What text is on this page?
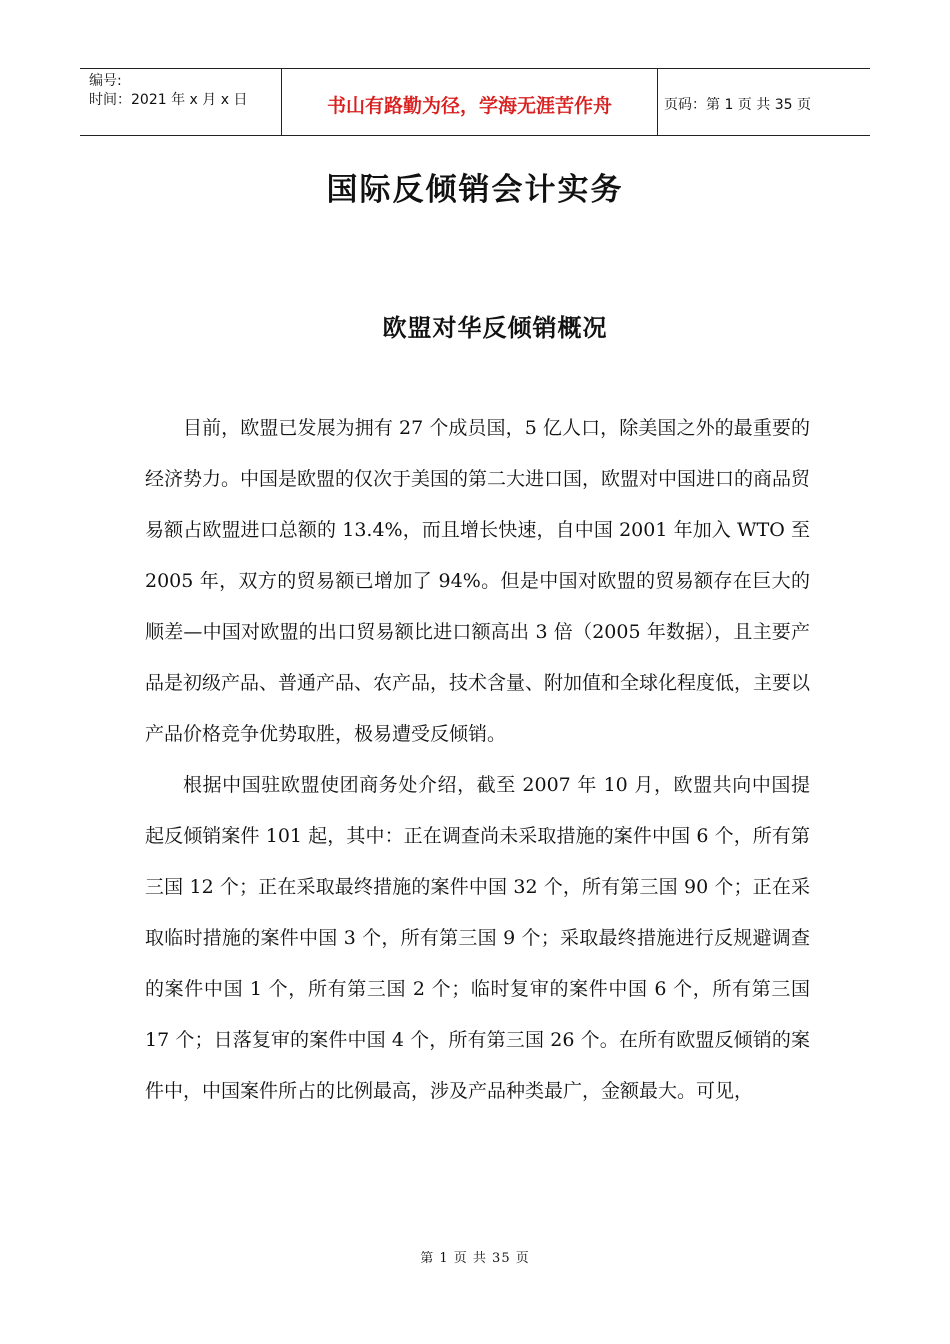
编号:
时间：2021 年 x 月 x 日	书山有路勤为径，学海无涯苦作舟	页码：第 1 页 共 35 页
国际反倾销会计实务
欧盟对华反倾销概况

目前，欧盟已发展为拥有 27 个成员国，5 亿人口，除美国之外的最重要的经济势力。中国是欧盟的仅次于美国的第二大进口国，欧盟对中国进口的商品贸易额占欧盟进口总额的 13.4%，而且增长快速，自中国 2001 年加入 WTO 至 2005 年，双方的贸易额已增加了 94%。但是中国对欧盟的贸易额存在巨大的顺差—中国对欧盟的出口贸易额比进口额高出 3 倍（2005 年数据），且主要产品是初级产品、普通产品、农产品，技术含量、附加值和全球化程度低，主要以产品价格竞争优势取胜，极易遭受反倾销。

根据中国驻欧盟使团商务处介绍，截至 2007 年 10 月，欧盟共向中国提起反倾销案件 101 起，其中：正在调查尚未采取措施的案件中国 6 个，所有第三国 12 个；正在采取最终措施的案件中国 32 个，所有第三国 90 个；正在采取临时措施的案件中国 3 个，所有第三国 9 个；采取最终措施进行反规避调查的案件中国 1 个，所有第三国 2 个；临时复审的案件中国 6 个，所有第三国 17 个；日落复审的案件中国 4 个，所有第三国 26 个。在所有欧盟反倾销的案件中，中国案件所占的比例最高，涉及产品种类最广，金额最大。可见，

第 1 页 共 35 页
